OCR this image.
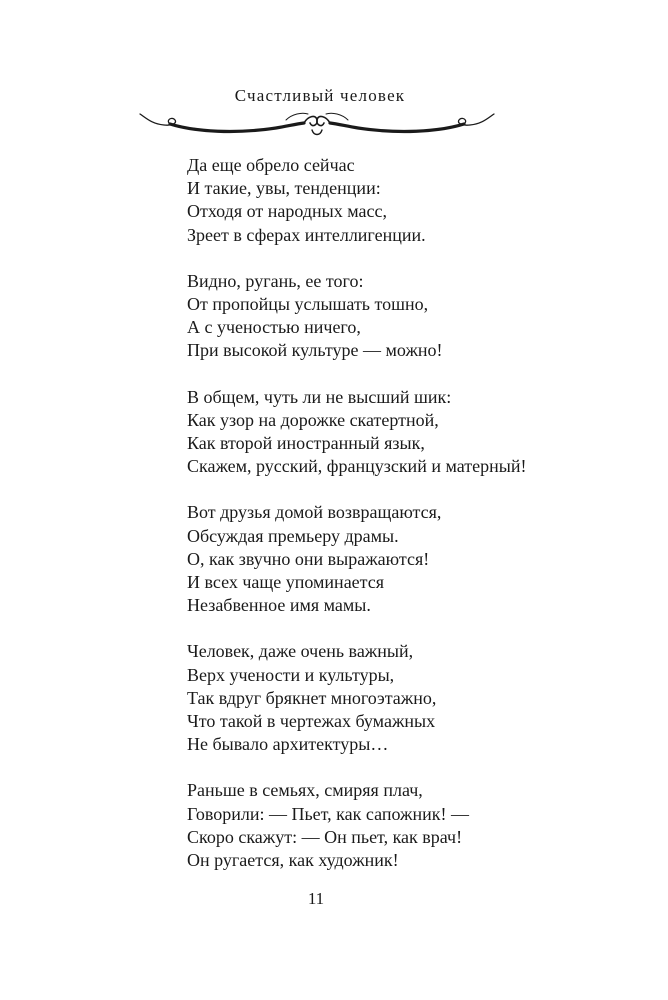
Счастливый человек
Да еще обрело сейчас
И такие, увы, тенденции:
Отходя от народных масс,
Зреет в сферах интеллигенции.
Видно, ругань, ее того:
От пропойцы услышать тошно,
А с ученостью ничего,
При высокой культуре — можно!
В общем, чуть ли не высший шик:
Как узор на дорожке скатертной,
Как второй иностранный язык,
Скажем, русский, французский и матерный!
Вот друзья домой возвращаются,
Обсуждая премьеру драмы.
О, как звучно они выражаются!
И всех чаще упоминается
Незабвенное имя мамы.
Человек, даже очень важный,
Верх учености и культуры,
Так вдруг брякнет многоэтажно,
Что такой в чертежах бумажных
Не бывало архитектуры…
Раньше в семьях, смиряя плач,
Говорили: — Пьет, как сапожник! —
Скоро скажут: — Он пьет, как врач!
Он ругается, как художник!
11
